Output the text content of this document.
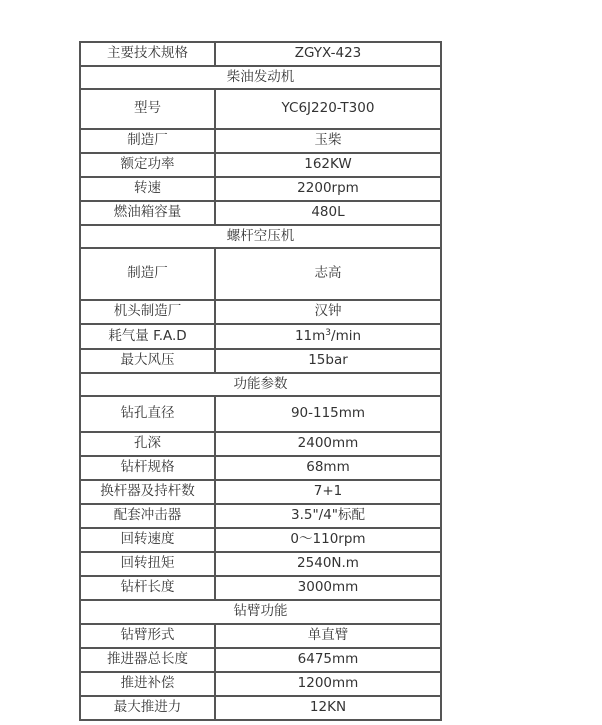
主要技术规格	ZGYX-423
柴油发动机	
型号	YC6J220-T300
制造厂	玉柴
额定功率	162KW
转速	2200rpm
燃油箱容量	480L
螺杆空压机	
制造厂	志高
机头制造厂	汉钟
耗气量 F.A.D	$11m^3/\min$
最大风压	15bar
功能参数	
钻孔直径	90-115mm
孔深	2400mm
钻杆规格	68mm
换杆器及持杆数	7+1
配套冲击器	3.5"/4"标配
回转速度	0～110rpm
回转扭矩	2540N.m
钻杆长度	3000mm
钻臂功能	
钻臂形式	单直臂
推进器总长度	6475mm
推进补偿	1200mm
最大推进力	12KN
